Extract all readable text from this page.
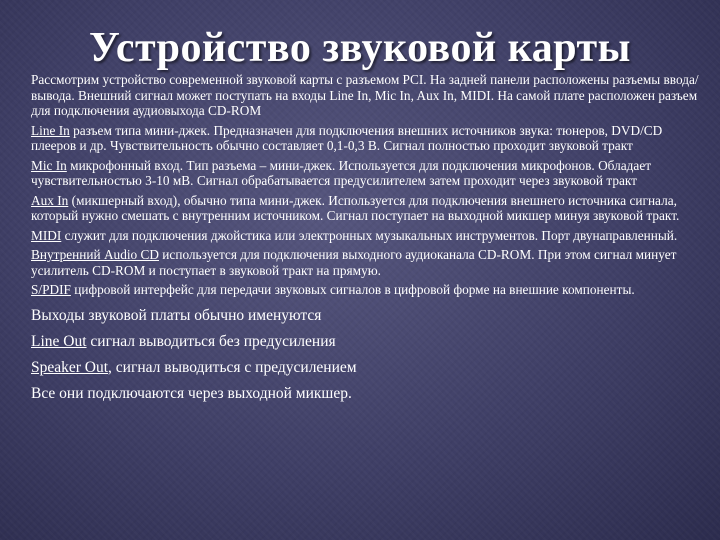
Устройство звуковой карты

Рассмотрим устройство современной звуковой карты с разъемом PCI. На задней панели расположены разъемы ввода/вывода. Внешний сигнал может поступать на входы Line In, Mic In, Aux In, MIDI. На самой плате расположен разъем для подключения аудиовыхода CD-ROM

Line In разъем типа мини-джек. Предназначен для подключения внешних источников звука: тюнеров, DVD/CD плееров и др. Чувствительность обычно составляет 0,1-0,3 В. Сигнал полностью проходит звуковой тракт

Mic In микрофонный вход. Тип разъема – мини-джек. Используется для подключения микрофонов. Обладает чувствительностью 3-10 мВ. Сигнал обрабатывается предусилителем затем проходит через звуковой тракт

Aux In (микшерный вход), обычно типа мини-джек. Используется для подключения внешнего источника сигнала, который нужно смешать с внутренним источником. Сигнал поступает на выходной микшер минуя звуковой тракт.

MIDI служит для подключения джойстика или электронных музыкальных инструментов. Порт двунаправленный.

Внутренний Audio CD используется для подключения выходного аудиоканала CD-ROM. При этом сигнал минует усилитель CD-ROM и поступает в звуковой тракт на прямую.

S/PDIF цифровой интерфейс для передачи звуковых сигналов в цифровой форме на внешние компоненты.

Выходы звуковой платы обычно именуются

Line Out сигнал выводиться без предусиления

Speaker Out, сигнал выводиться с предусилением

Все они подключаются через выходной микшер.
